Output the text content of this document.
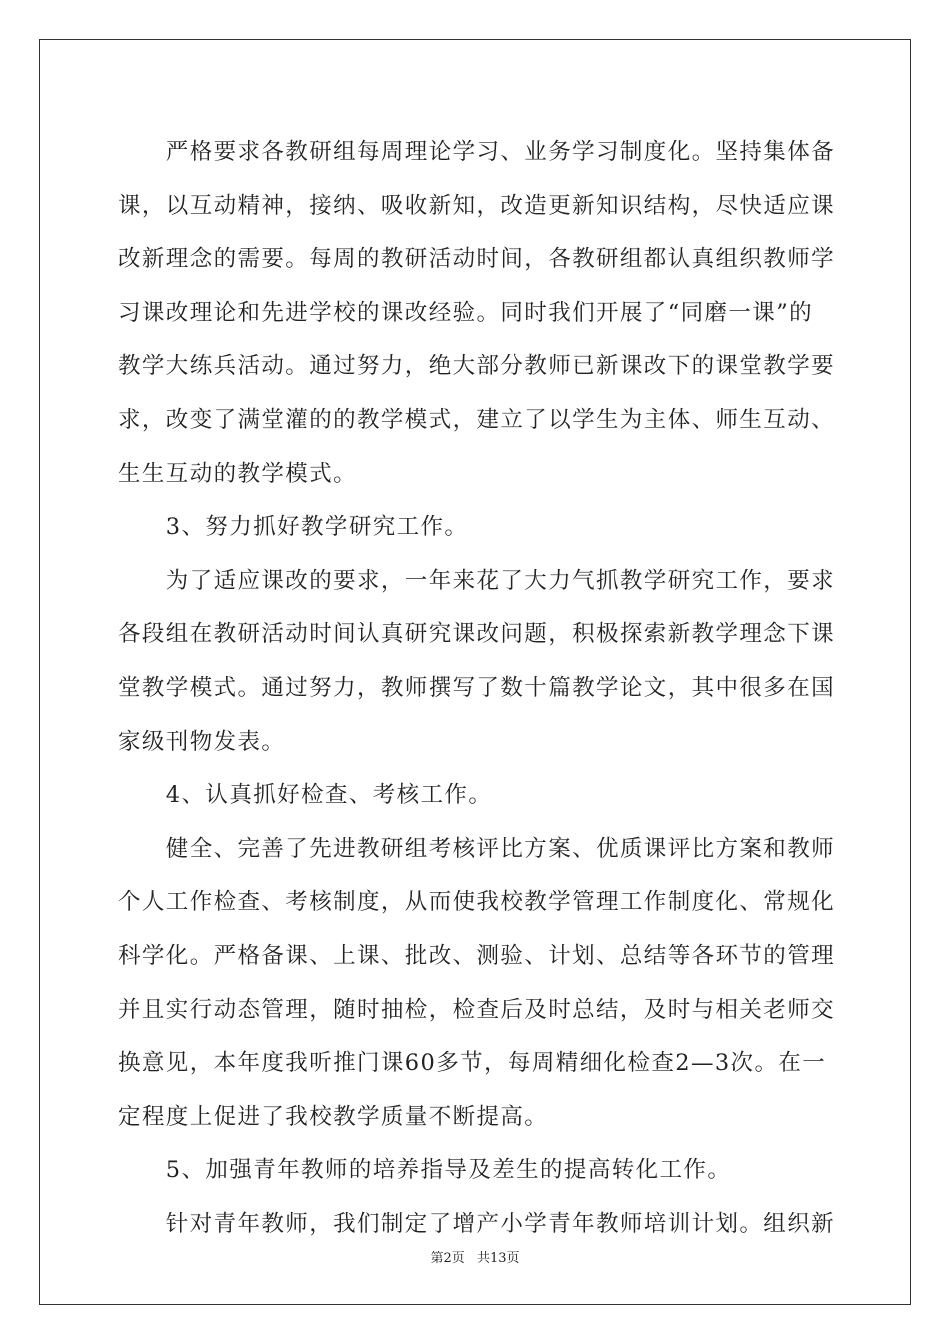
　　严格要求各教研组每周理论学习、业务学习制度化。坚持集体备
课，以互动精神，接纳、吸收新知，改造更新知识结构，尽快适应课
改新理念的需要。每周的教研活动时间，各教研组都认真组织教师学
习课改理论和先进学校的课改经验。同时我们开展了“同磨一课”的
教学大练兵活动。通过努力，绝大部分教师已新课改下的课堂教学要
求，改变了满堂灌的的教学模式，建立了以学生为主体、师生互动、
生生互动的教学模式。
　　3、努力抓好教学研究工作。
　　为了适应课改的要求，一年来花了大力气抓教学研究工作，要求
各段组在教研活动时间认真研究课改问题，积极探索新教学理念下课
堂教学模式。通过努力，教师撰写了数十篇教学论文，其中很多在国
家级刊物发表。
　　4、认真抓好检查、考核工作。
　　健全、完善了先进教研组考核评比方案、优质课评比方案和教师
个人工作检查、考核制度，从而使我校教学管理工作制度化、常规化
科学化。严格备课、上课、批改、测验、计划、总结等各环节的管理
并且实行动态管理，随时抽检，检查后及时总结，及时与相关老师交
换意见，本年度我听推门课60多节，每周精细化检查2—3次。在一
定程度上促进了我校教学质量不断提高。
　　5、加强青年教师的培养指导及差生的提高转化工作。
　　针对青年教师，我们制定了增产小学青年教师培训计划。组织新
第2页 共13页
